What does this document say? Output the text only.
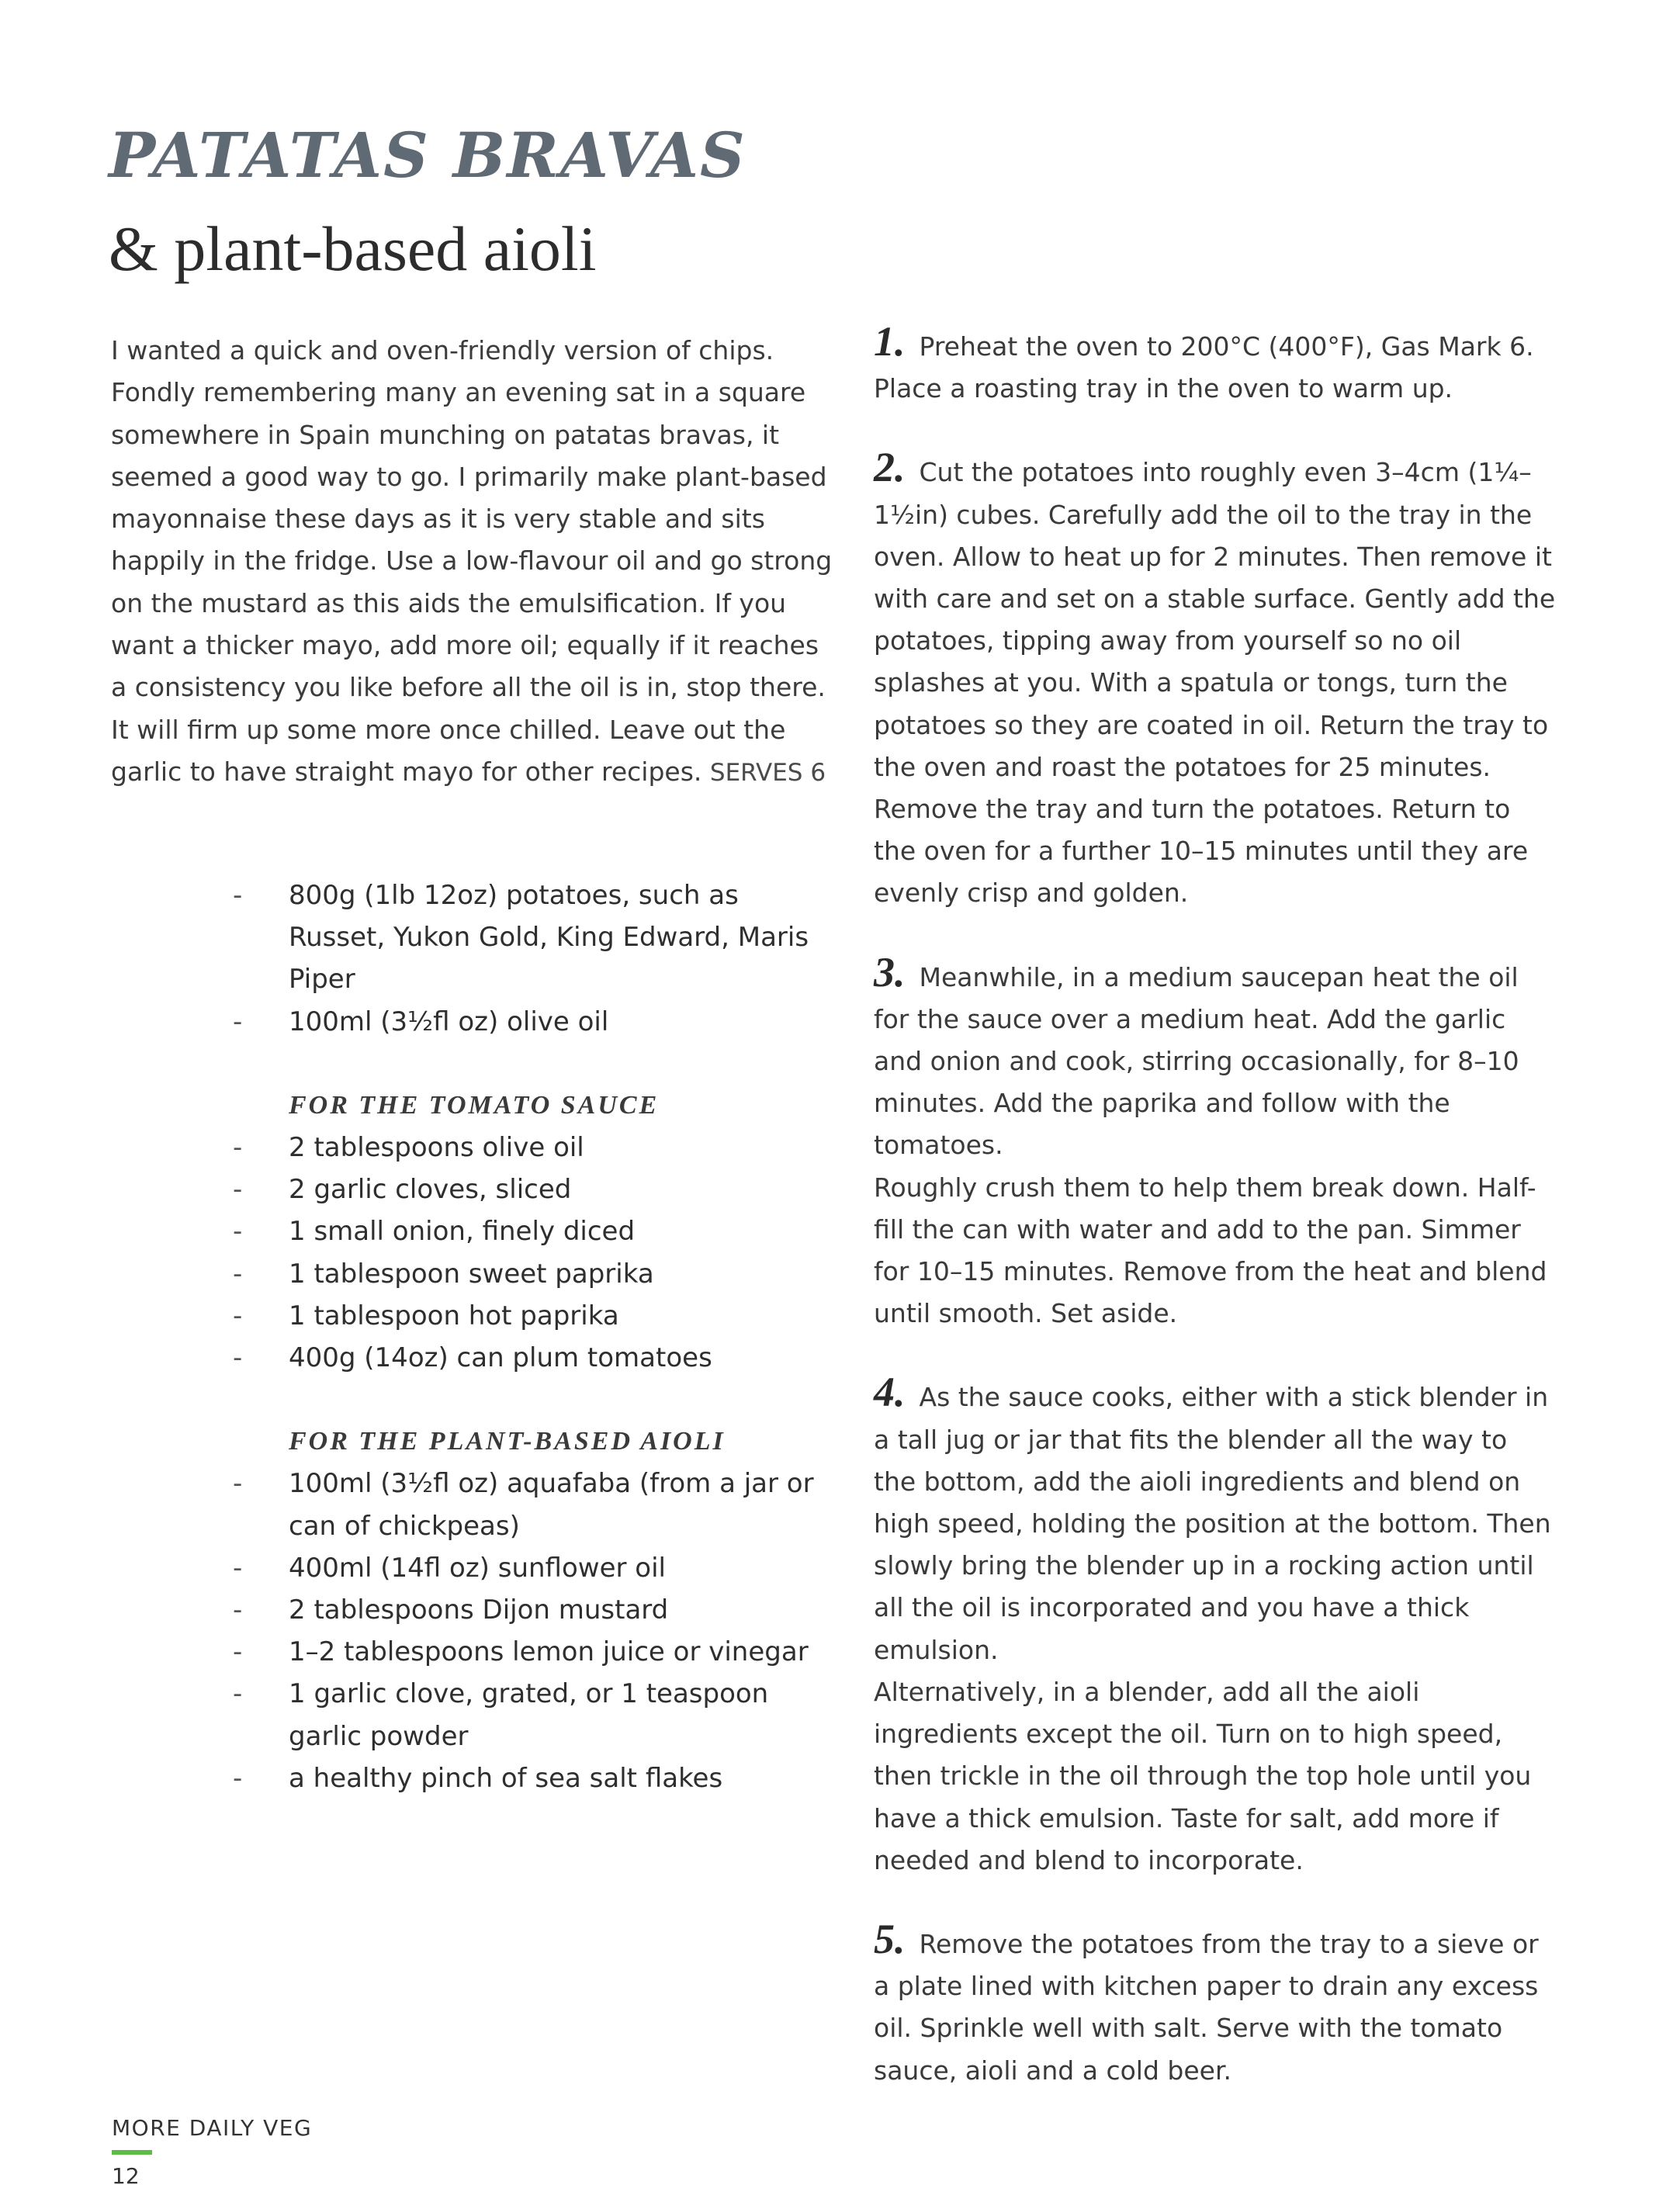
PATATAS BRAVAS
& plant-based aioli
I wanted a quick and oven-friendly version of chips. Fondly remembering many an evening sat in a square somewhere in Spain munching on patatas bravas, it seemed a good way to go. I primarily make plant-based mayonnaise these days as it is very stable and sits happily in the fridge. Use a low-flavour oil and go strong on the mustard as this aids the emulsification. If you want a thicker mayo, add more oil; equally if it reaches a consistency you like before all the oil is in, stop there. It will firm up some more once chilled. Leave out the garlic to have straight mayo for other recipes. SERVES 6
- 800g (1lb 12oz) potatoes, such as Russet, Yukon Gold, King Edward, Maris Piper
- 100ml (3½fl oz) olive oil
FOR THE TOMATO SAUCE
- 2 tablespoons olive oil
- 2 garlic cloves, sliced
- 1 small onion, finely diced
- 1 tablespoon sweet paprika
- 1 tablespoon hot paprika
- 400g (14oz) can plum tomatoes
FOR THE PLANT-BASED AIOLI
- 100ml (3½fl oz) aquafaba (from a jar or can of chickpeas)
- 400ml (14fl oz) sunflower oil
- 2 tablespoons Dijon mustard
- 1–2 tablespoons lemon juice or vinegar
- 1 garlic clove, grated, or 1 teaspoon garlic powder
- a healthy pinch of sea salt flakes
1. Preheat the oven to 200°C (400°F), Gas Mark 6. Place a roasting tray in the oven to warm up.
2. Cut the potatoes into roughly even 3–4cm (1¼–1½in) cubes. Carefully add the oil to the tray in the oven. Allow to heat up for 2 minutes. Then remove it with care and set on a stable surface. Gently add the potatoes, tipping away from yourself so no oil splashes at you. With a spatula or tongs, turn the potatoes so they are coated in oil. Return the tray to the oven and roast the potatoes for 25 minutes. Remove the tray and turn the potatoes. Return to the oven for a further 10–15 minutes until they are evenly crisp and golden.
3. Meanwhile, in a medium saucepan heat the oil for the sauce over a medium heat. Add the garlic and onion and cook, stirring occasionally, for 8–10 minutes. Add the paprika and follow with the tomatoes.
Roughly crush them to help them break down. Half-fill the can with water and add to the pan. Simmer for 10–15 minutes. Remove from the heat and blend until smooth. Set aside.
4. As the sauce cooks, either with a stick blender in a tall jug or jar that fits the blender all the way to the bottom, add the aioli ingredients and blend on high speed, holding the position at the bottom. Then slowly bring the blender up in a rocking action until all the oil is incorporated and you have a thick emulsion.
Alternatively, in a blender, add all the aioli ingredients except the oil. Turn on to high speed, then trickle in the oil through the top hole until you have a thick emulsion. Taste for salt, add more if needed and blend to incorporate.
5. Remove the potatoes from the tray to a sieve or a plate lined with kitchen paper to drain any excess oil. Sprinkle well with salt. Serve with the tomato sauce, aioli and a cold beer.
MORE DAILY VEG
12
